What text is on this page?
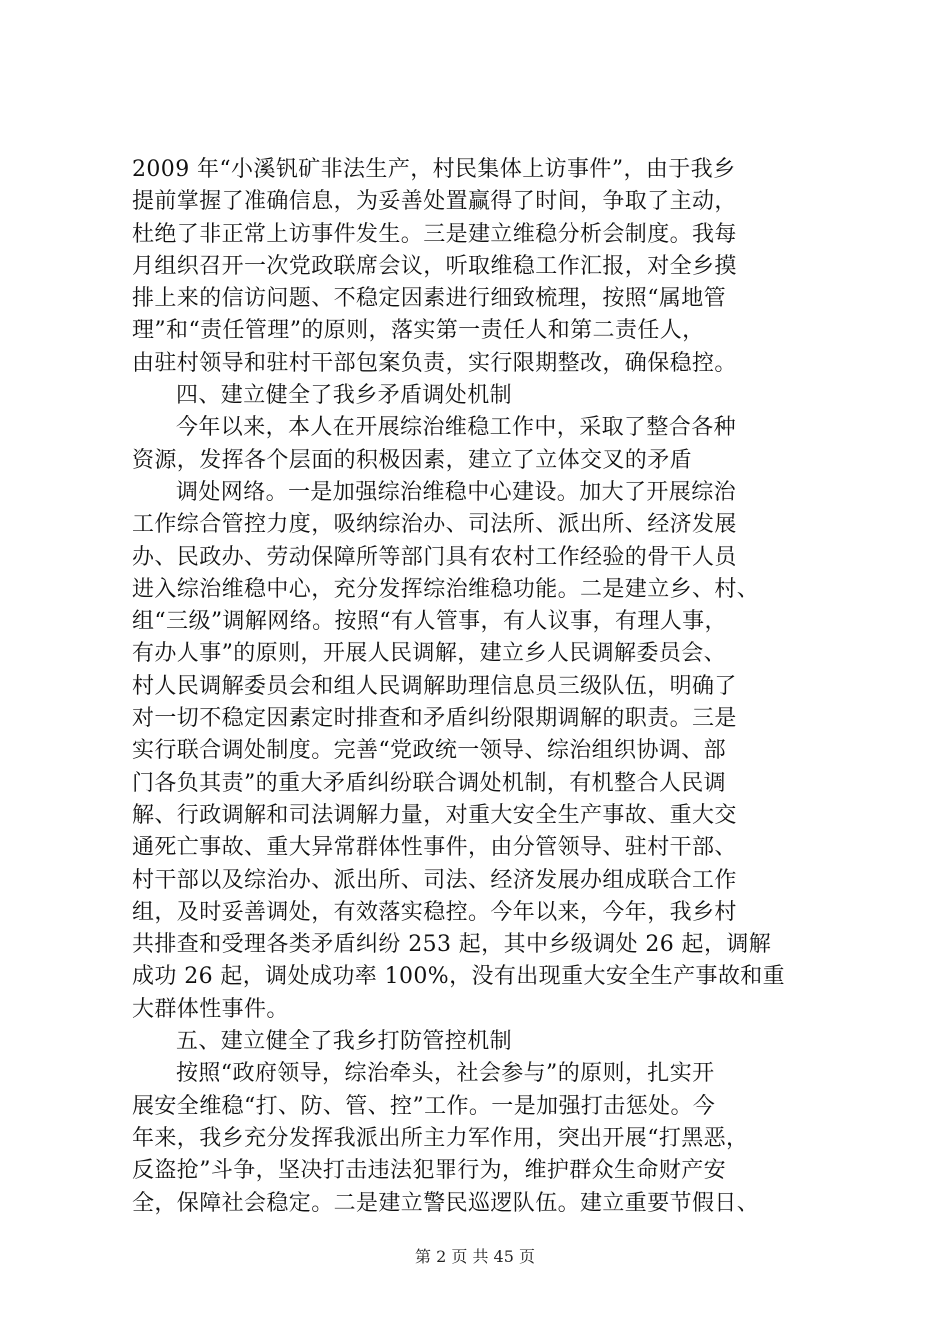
2009 年“小溪钒矿非法生产，村民集体上访事件”，由于我乡
提前掌握了准确信息，为妥善处置赢得了时间，争取了主动，
杜绝了非正常上访事件发生。三是建立维稳分析会制度。我每
月组织召开一次党政联席会议，听取维稳工作汇报，对全乡摸
排上来的信访问题、不稳定因素进行细致梳理，按照“属地管
理”和“责任管理”的原则，落实第一责任人和第二责任人，
由驻村领导和驻村干部包案负责，实行限期整改，确保稳控。
四、建立健全了我乡矛盾调处机制
今年以来，本人在开展综治维稳工作中，采取了整合各种
资源，发挥各个层面的积极因素，建立了立体交叉的矛盾
调处网络。一是加强综治维稳中心建设。加大了开展综治
工作综合管控力度，吸纳综治办、司法所、派出所、经济发展
办、民政办、劳动保障所等部门具有农村工作经验的骨干人员
进入综治维稳中心，充分发挥综治维稳功能。二是建立乡、村、
组“三级”调解网络。按照“有人管事，有人议事，有理人事，
有办人事”的原则，开展人民调解，建立乡人民调解委员会、
村人民调解委员会和组人民调解助理信息员三级队伍，明确了
对一切不稳定因素定时排查和矛盾纠纷限期调解的职责。三是
实行联合调处制度。完善“党政统一领导、综治组织协调、部
门各负其责”的重大矛盾纠纷联合调处机制，有机整合人民调
解、行政调解和司法调解力量，对重大安全生产事故、重大交
通死亡事故、重大异常群体性事件，由分管领导、驻村干部、
村干部以及综治办、派出所、司法、经济发展办组成联合工作
组，及时妥善调处，有效落实稳控。今年以来，今年，我乡村
共排查和受理各类矛盾纠纷 253 起，其中乡级调处 26 起，调解
成功 26 起，调处成功率 100%，没有出现重大安全生产事故和重
大群体性事件。
五、建立健全了我乡打防管控机制
按照“政府领导，综治牵头，社会参与”的原则，扎实开
展安全维稳“打、防、管、控”工作。一是加强打击惩处。今
年来，我乡充分发挥我派出所主力军作用，突出开展“打黑恶，
反盗抢”斗争，坚决打击违法犯罪行为，维护群众生命财产安
全，保障社会稳定。二是建立警民巡逻队伍。建立重要节假日、
第 2 页 共 45 页
